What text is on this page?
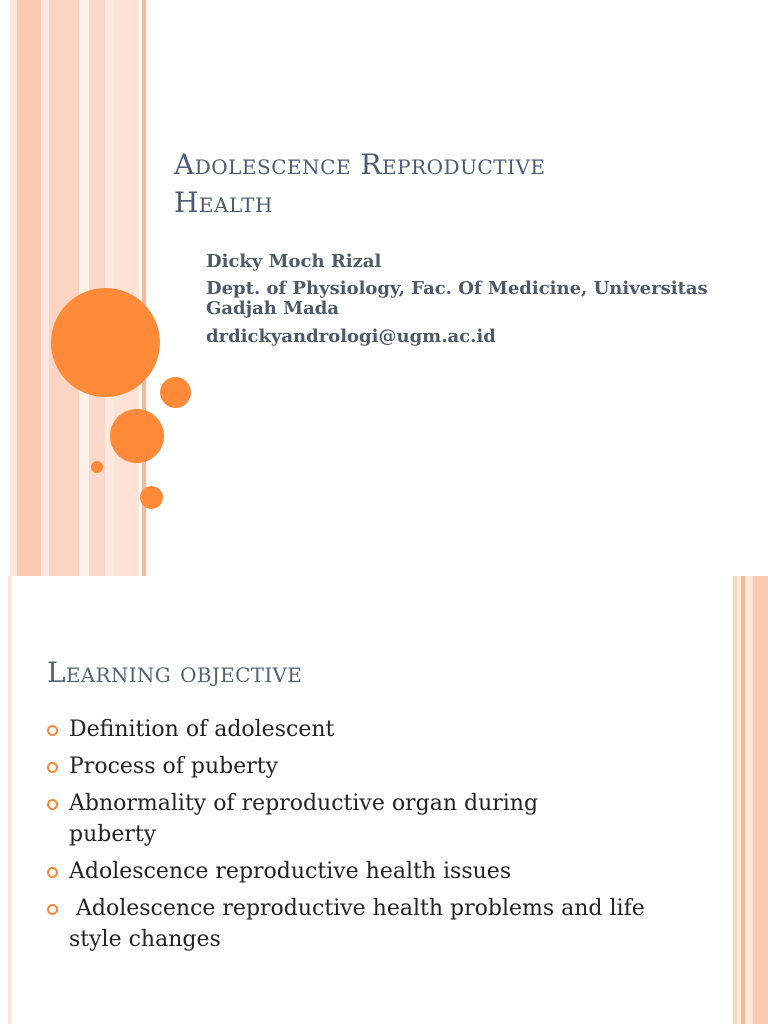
Adolescence Reproductive
Health

Dicky Moch Rizal

Dept. of Physiology, Fac. Of Medicine, Universitas Gadjah Mada

drdickyandrologi@ugm.ac.id

Learning objective
Definition of adolescent
Process of puberty
Abnormality of reproductive organ during puberty
Adolescence reproductive health issues
Adolescence reproductive health problems and life style changes
